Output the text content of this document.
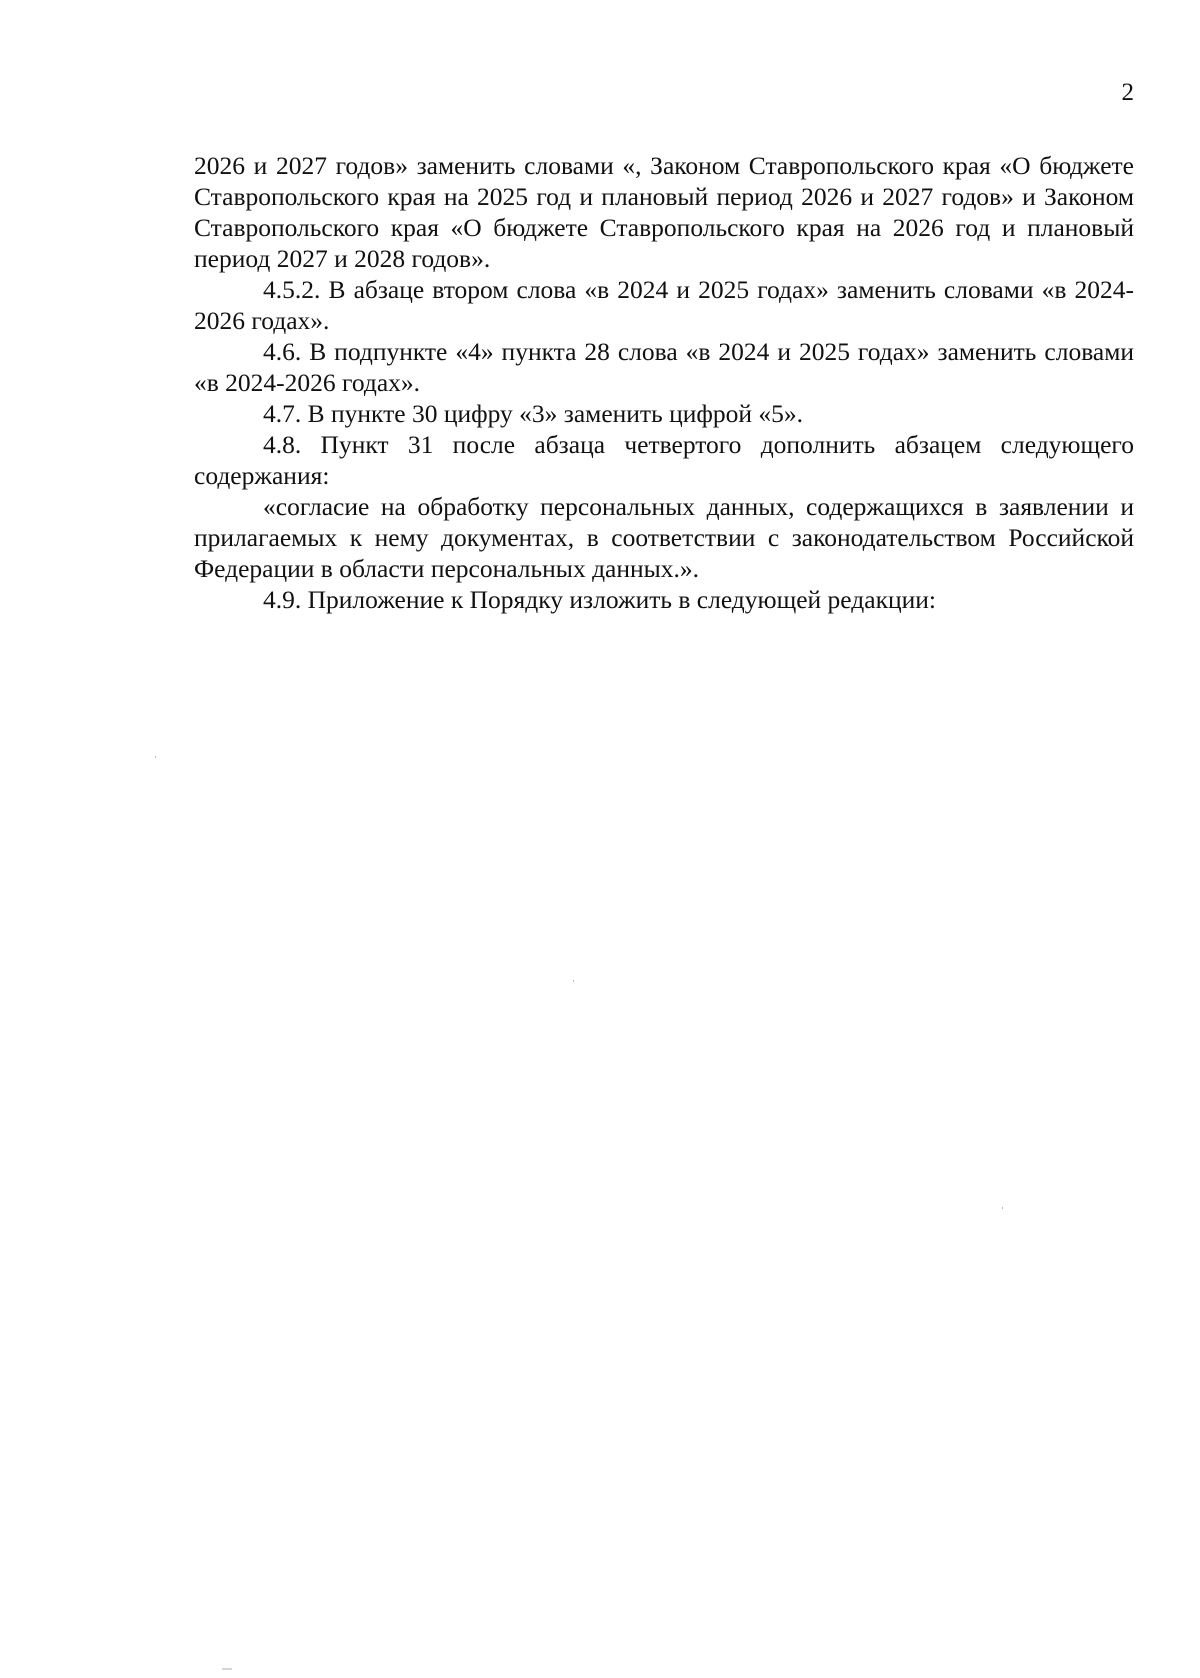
2

2026 и 2027 годов» заменить словами «, Законом Ставропольского края «О бюджете Ставропольского края на 2025 год и плановый период 2026 и 2027 годов» и Законом Ставропольского края «О бюджете Ставропольского края на 2026 год и плановый период 2027 и 2028 годов».

4.5.2. В абзаце втором слова «в 2024 и 2025 годах» заменить словами «в 2024-2026 годах».

4.6. В подпункте «4» пункта 28 слова «в 2024 и 2025 годах» заменить словами «в 2024-2026 годах».

4.7. В пункте 30 цифру «3» заменить цифрой «5».

4.8. Пункт 31 после абзаца четвертого дополнить абзацем следующего содержания:

«согласие на обработку персональных данных, содержащихся в заявлении и прилагаемых к нему документах, в соответствии с законодательством Российской Федерации в области персональных данных.».

4.9. Приложение к Порядку изложить в следующей редакции:
